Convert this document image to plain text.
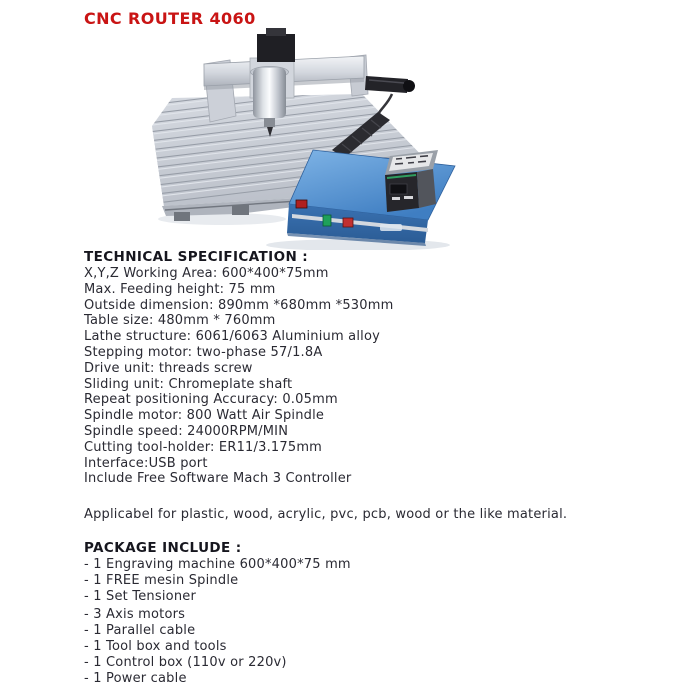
CNC ROUTER 4060
TECHNICAL SPECIFICATION :
X,Y,Z Working Area: 600*400*75mm
Max. Feeding height: 75 mm
Outside dimension: 890mm *680mm *530mm
Table size: 480mm * 760mm
Lathe structure: 6061/6063 Aluminium alloy
Stepping motor: two-phase 57/1.8A
Drive unit: threads screw
Sliding unit: Chromeplate shaft
Repeat positioning Accuracy: 0.05mm
Spindle motor: 800 Watt Air Spindle
Spindle speed: 24000RPM/MIN
Cutting tool-holder: ER11/3.175mm
Interface:USB port
Include Free Software Mach 3 Controller
Applicabel for plastic, wood, acrylic, pvc, pcb, wood or the like material.
PACKAGE INCLUDE :
- 1 Engraving machine 600*400*75 mm
- 1 FREE mesin Spindle
- 1 Set Tensioner
- 3 Axis motors
- 1 Parallel cable
- 1 Tool box and tools
- 1 Control box (110v or 220v)
- 1 Power cable
